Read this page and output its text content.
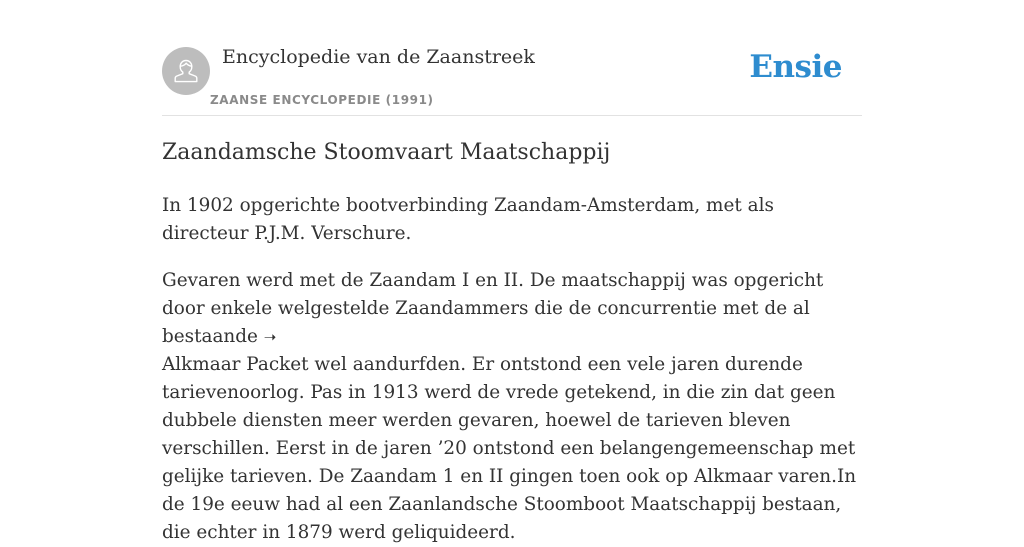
Encyclopedie van de Zaanstreek
ZAANSE ENCYCLOPEDIE (1991)
Ensie
Zaandamsche Stoomvaart Maatschappij

In 1902 opgerichte bootverbinding Zaandam-Amsterdam, met als directeur P.J.M. Verschure.

Gevaren werd met de Zaandam I en II. De maatschappij was opgericht door enkele welgestelde Zaandammers die de concurrentie met de al bestaande ➝
Alkmaar Packet wel aandurfden. Er ontstond een vele jaren durende tarievenoorlog. Pas in 1913 werd de vrede getekend, in die zin dat geen dubbele diensten meer werden gevaren, hoewel de tarieven bleven verschillen. Eerst in de jaren ’20 ontstond een belangengemeenschap met gelijke tarieven. De Zaandam 1 en II gingen toen ook op Alkmaar varen.In de 19e eeuw had al een Zaanlandsche Stoomboot Maatschappij bestaan, die echter in 1879 werd geliquideerd.
